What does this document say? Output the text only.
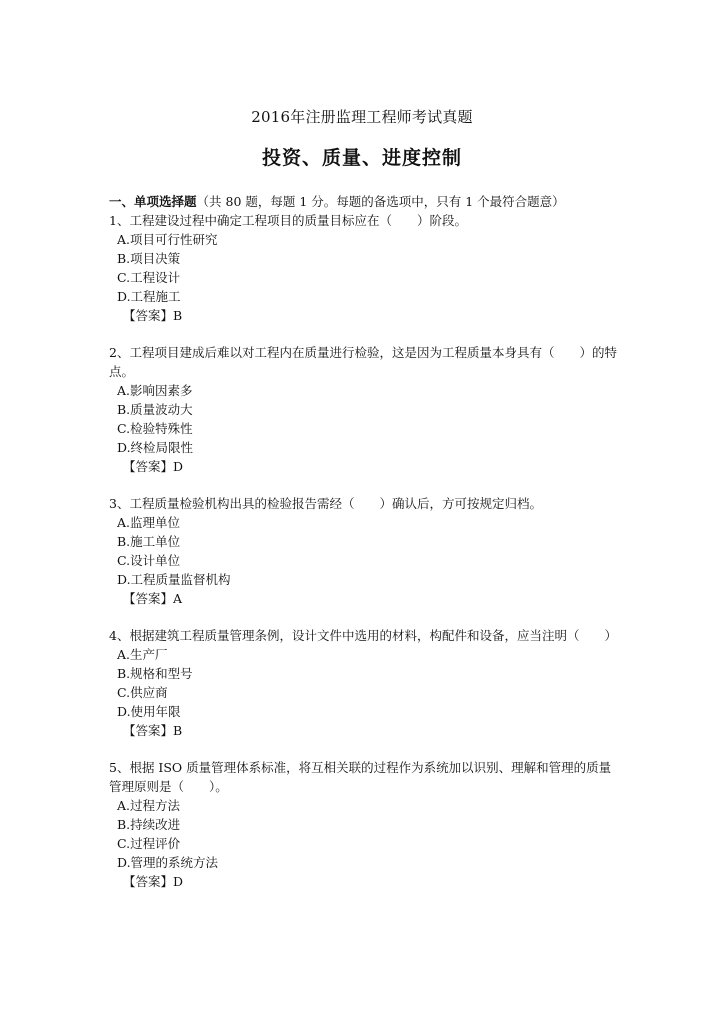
2016年注册监理工程师考试真题
投资、质量、进度控制
一、单项选择题（共 80 题，每题 1 分。每题的备选项中，只有 1 个最符合题意）

1、工程建设过程中确定工程项目的质量目标应在（　　）阶段。

A.项目可行性研究

B.项目决策

C.工程设计

D.工程施工

【答案】B

2、工程项目建成后难以对工程内在质量进行检验，这是因为工程质量本身具有（　　）的特点。

A.影响因素多

B.质量波动大

C.检验特殊性

D.终检局限性

【答案】D

3、工程质量检验机构出具的检验报告需经（　　）确认后，方可按规定归档。

A.监理单位

B.施工单位

C.设计单位

D.工程质量监督机构

【答案】A

4、根据建筑工程质量管理条例，设计文件中选用的材料，构配件和设备，应当注明（　　）

A.生产厂

B.规格和型号

C.供应商

D.使用年限

【答案】B

5、根据 ISO 质量管理体系标准，将互相关联的过程作为系统加以识别、理解和管理的质量管理原则是（　　）。

A.过程方法

B.持续改进

C.过程评价

D.管理的系统方法

【答案】D
